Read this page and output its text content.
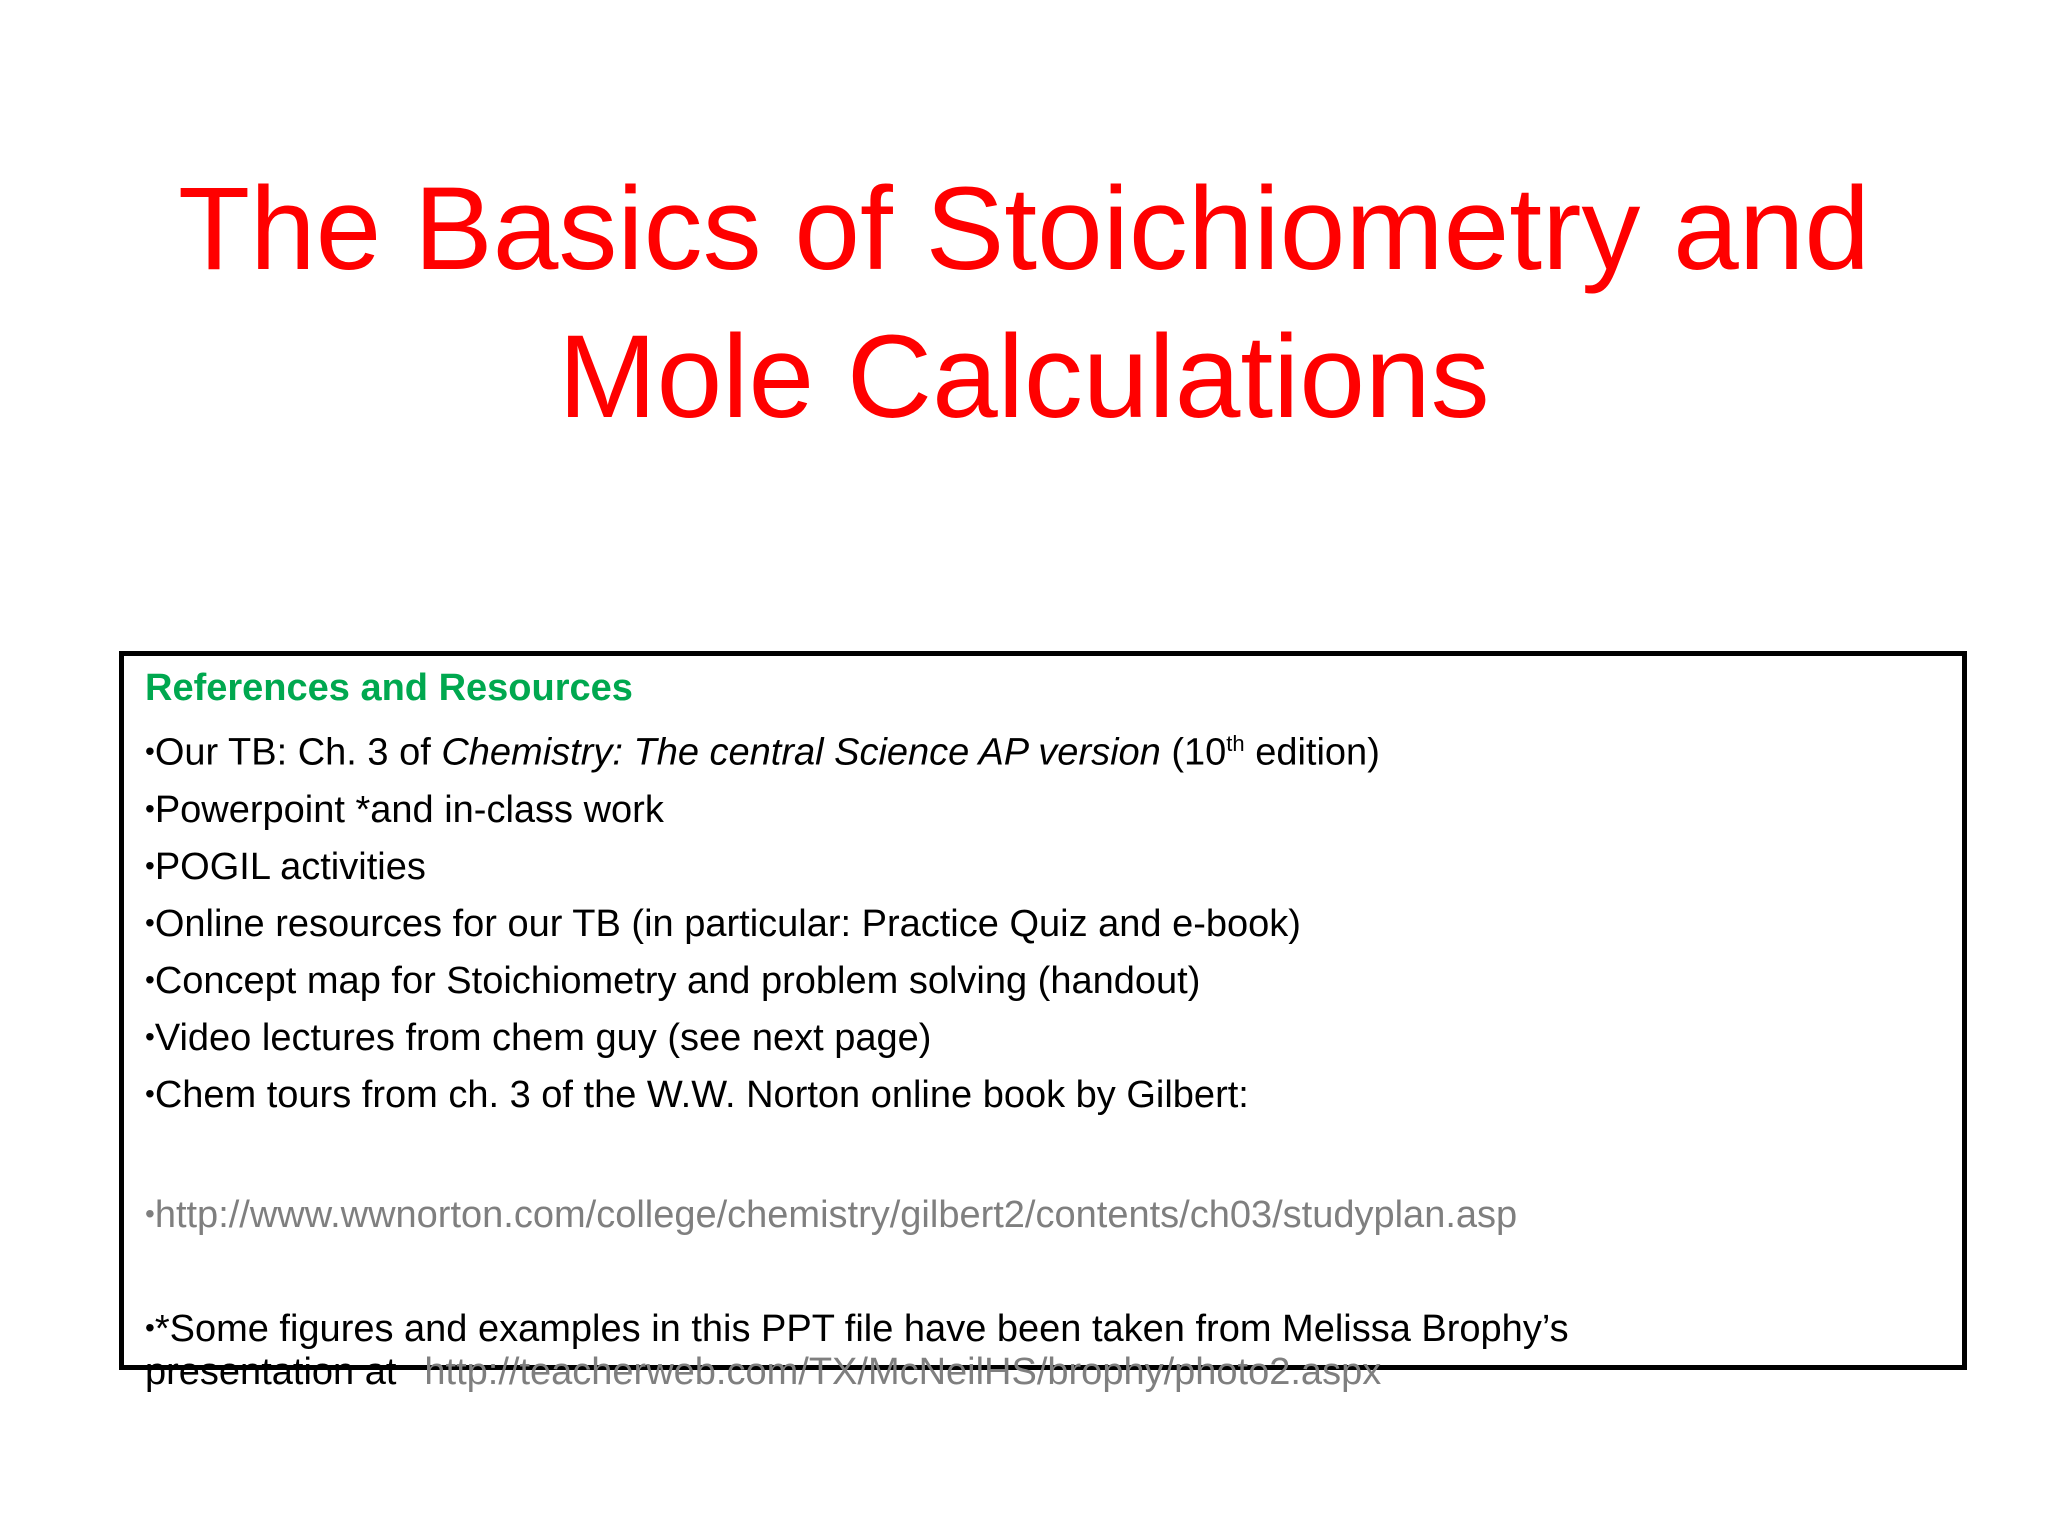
The Basics of Stoichiometry and
Mole Calculations
References and Resources
•Our TB: Ch. 3 of Chemistry: The central Science AP version (10th edition)
•Powerpoint *and in-class work
•POGIL activities
•Online resources for our TB (in particular: Practice Quiz and e-book)
•Concept map for Stoichiometry and problem solving (handout)
•Video lectures from chem guy (see next page)
•Chem tours from ch. 3 of the W.W. Norton online book by Gilbert:
•http://www.wwnorton.com/college/chemistry/gilbert2/contents/ch03/studyplan.asp
•*Some figures and examples in this PPT file have been taken from Melissa Brophy’s
presentation at http://teacherweb.com/TX/McNeilHS/brophy/photo2.aspx
